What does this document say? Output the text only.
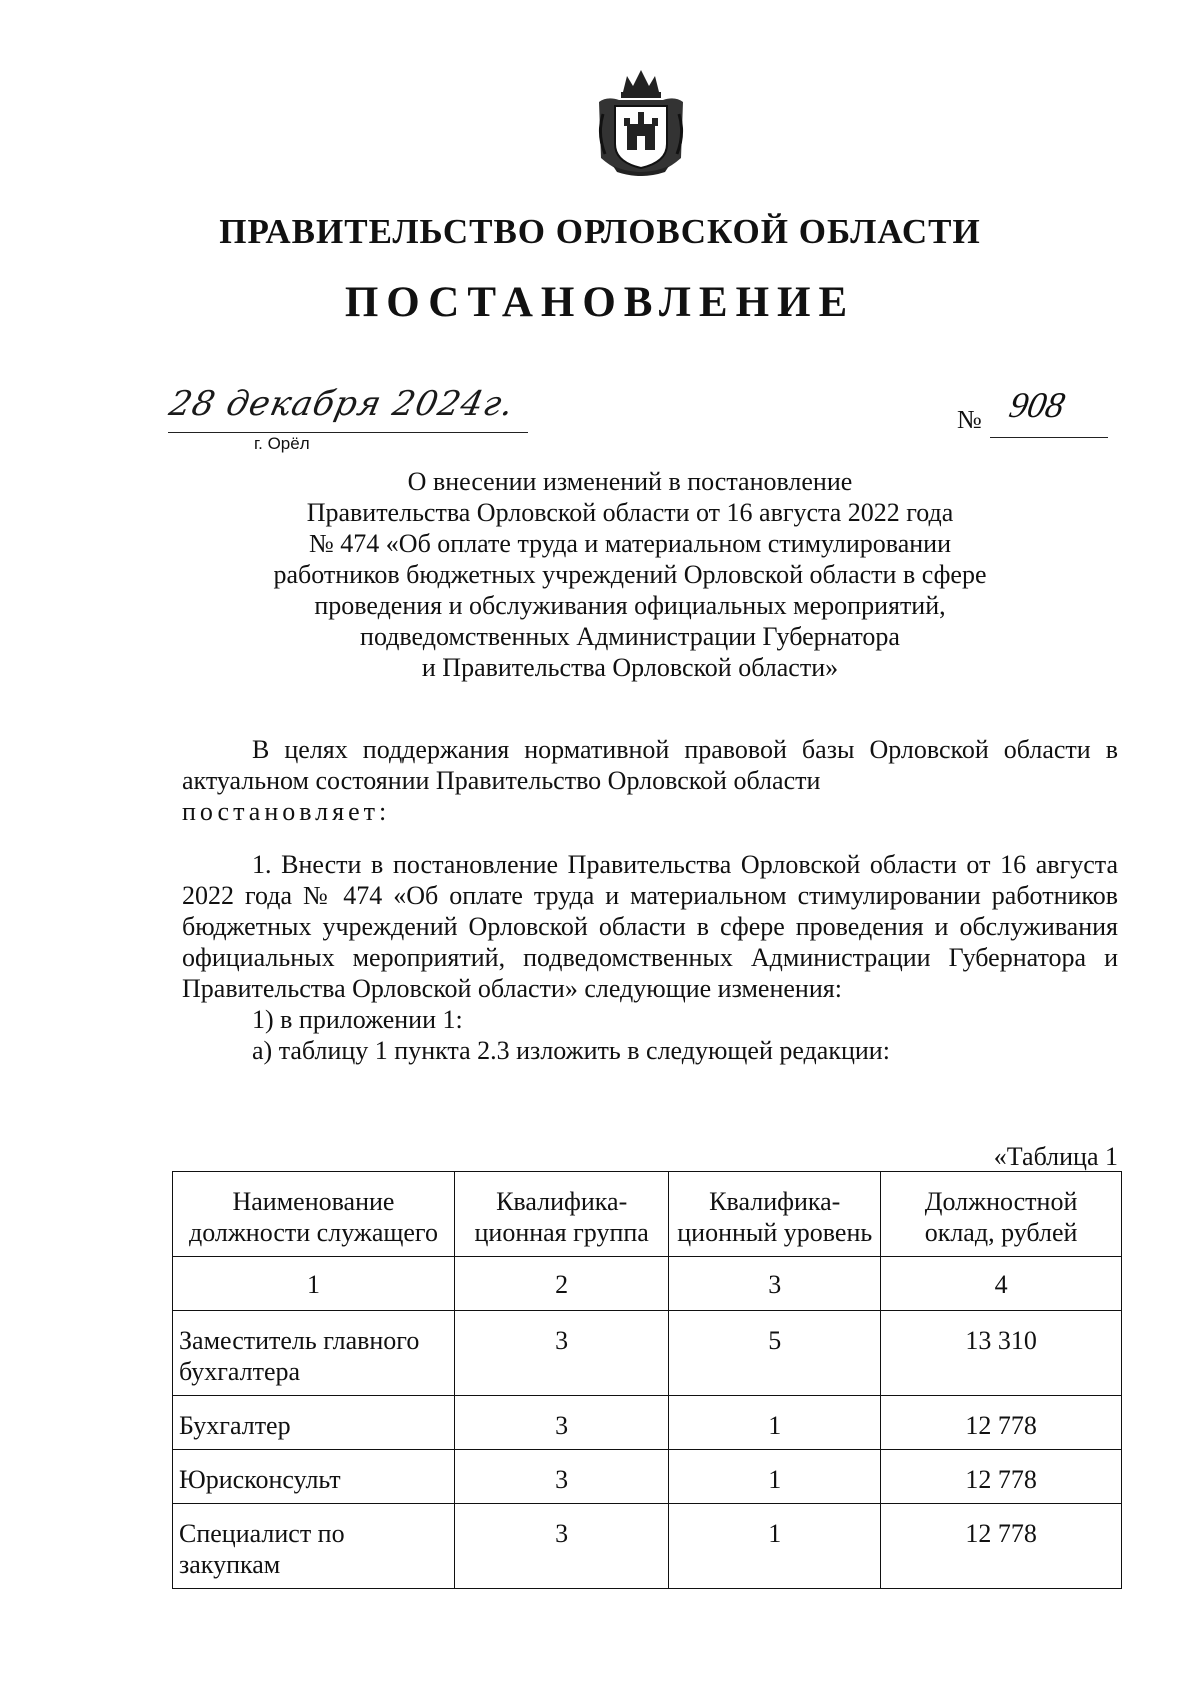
ПРАВИТЕЛЬСТВО ОРЛОВСКОЙ ОБЛАСТИ
ПОСТАНОВЛЕНИЕ
28 декабря 2024г.
г. Орёл
№ 908
О внесении изменений в постановление
Правительства Орловской области от 16 августа 2022 года
№ 474 «Об оплате труда и материальном стимулировании
работников бюджетных учреждений Орловской области в сфере
проведения и обслуживания официальных мероприятий,
подведомственных Администрации Губернатора
и Правительства Орловской области»

В целях поддержания нормативной правовой базы Орловской области в актуальном состоянии Правительство Орловской области

постановляет:

1. Внести в постановление Правительства Орловской области от 16 августа 2022 года № 474 «Об оплате труда и материальном стимулировании работников бюджетных учреждений Орловской области в сфере проведения и обслуживания официальных мероприятий, подведомственных Администрации Губернатора и Правительства Орловской области» следующие изменения:

1) в приложении 1:

а) таблицу 1 пункта 2.3 изложить в следующей редакции:

«Таблица 1
Наименование должности служащего	Квалифика-ционная группа	Квалифика-ционный уровень	Должностной оклад, рублей
1	2	3	4
Заместитель главного бухгалтера	3	5	13 310
Бухгалтер	3	1	12 778
Юрисконсульт	3	1	12 778
Специалист по закупкам	3	1	12 778
